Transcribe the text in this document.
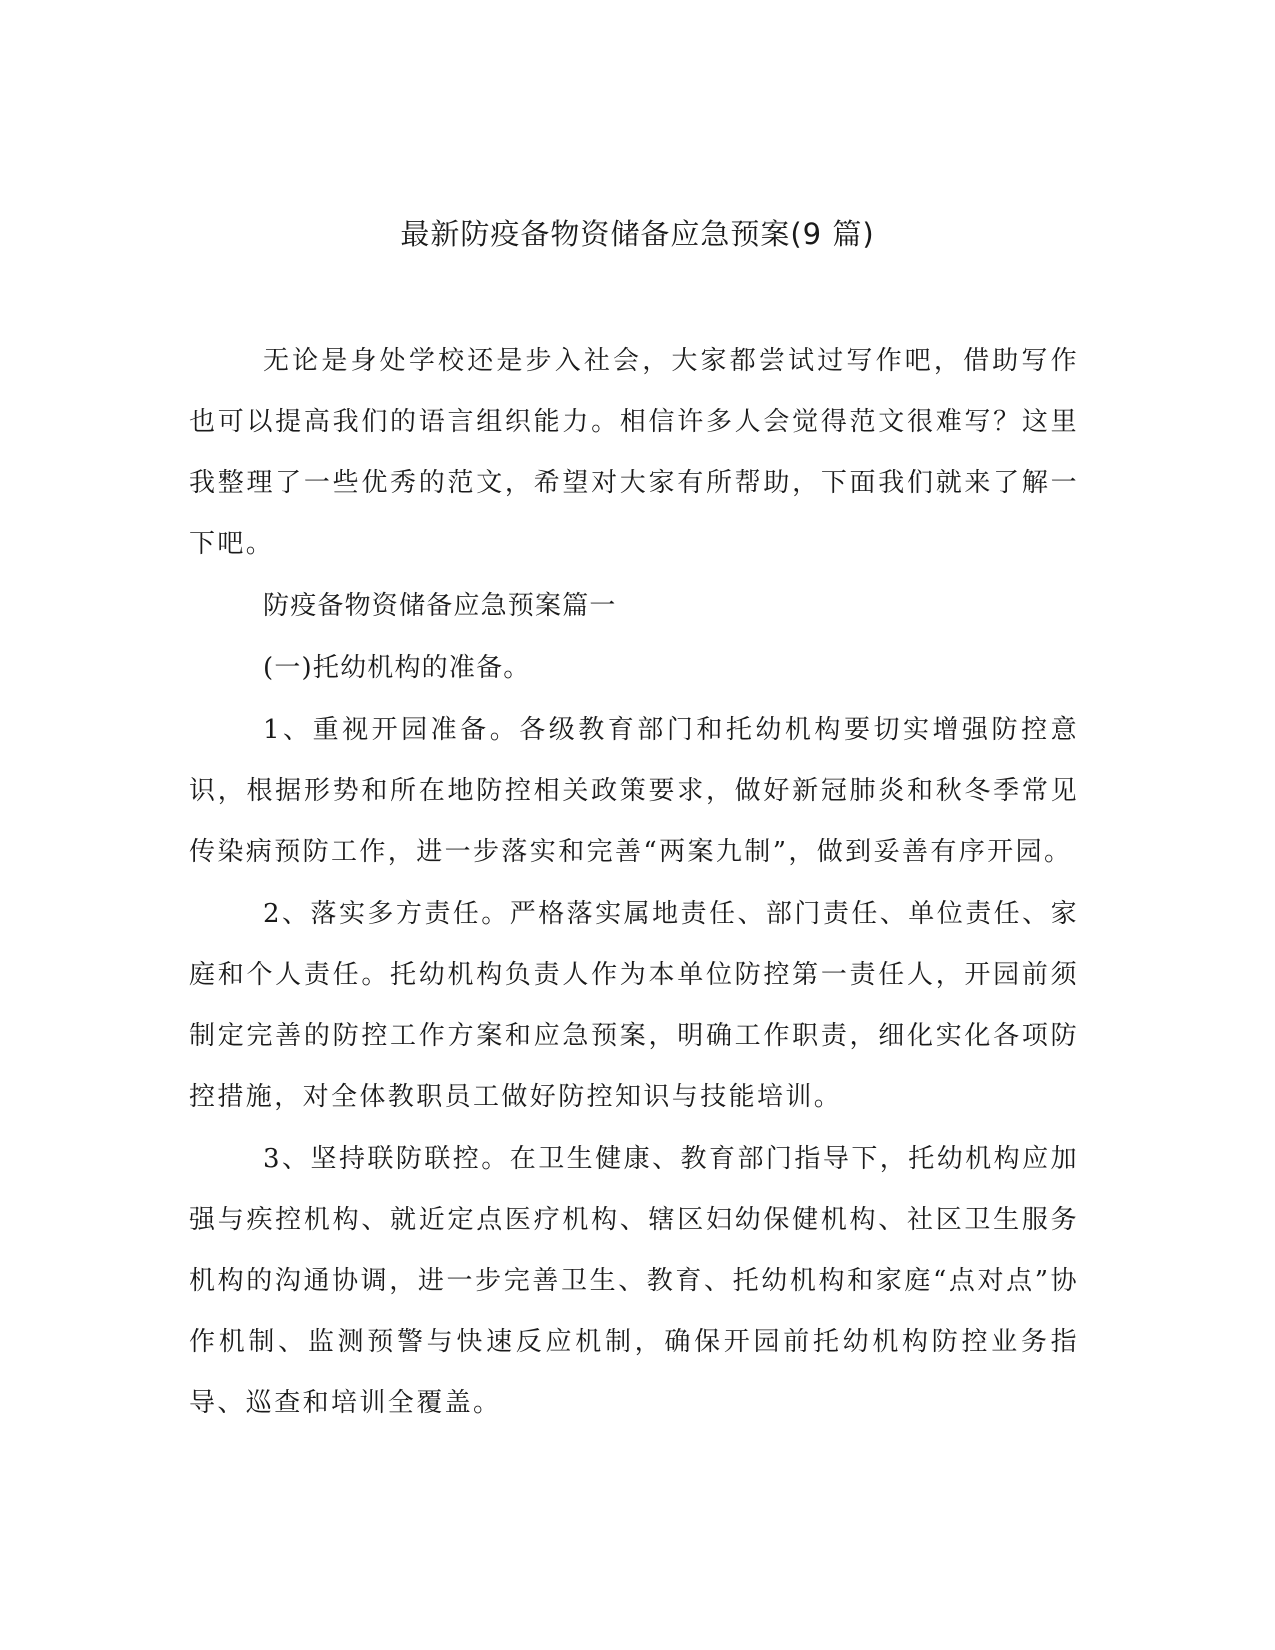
最新防疫备物资储备应急预案(9 篇)

无论是身处学校还是步入社会，大家都尝试过写作吧，借助写作也可以提高我们的语言组织能力。相信许多人会觉得范文很难写？这里我整理了一些优秀的范文，希望对大家有所帮助，下面我们就来了解一下吧。

防疫备物资储备应急预案篇一

(一)托幼机构的准备。

1、重视开园准备。各级教育部门和托幼机构要切实增强防控意识，根据形势和所在地防控相关政策要求，做好新冠肺炎和秋冬季常见传染病预防工作，进一步落实和完善“两案九制”，做到妥善有序开园。

2、落实多方责任。严格落实属地责任、部门责任、单位责任、家庭和个人责任。托幼机构负责人作为本单位防控第一责任人，开园前须制定完善的防控工作方案和应急预案，明确工作职责，细化实化各项防控措施，对全体教职员工做好防控知识与技能培训。

3、坚持联防联控。在卫生健康、教育部门指导下，托幼机构应加强与疾控机构、就近定点医疗机构、辖区妇幼保健机构、社区卫生服务机构的沟通协调，进一步完善卫生、教育、托幼机构和家庭“点对点”协作机制、监测预警与快速反应机制，确保开园前托幼机构防控业务指导、巡查和培训全覆盖。
